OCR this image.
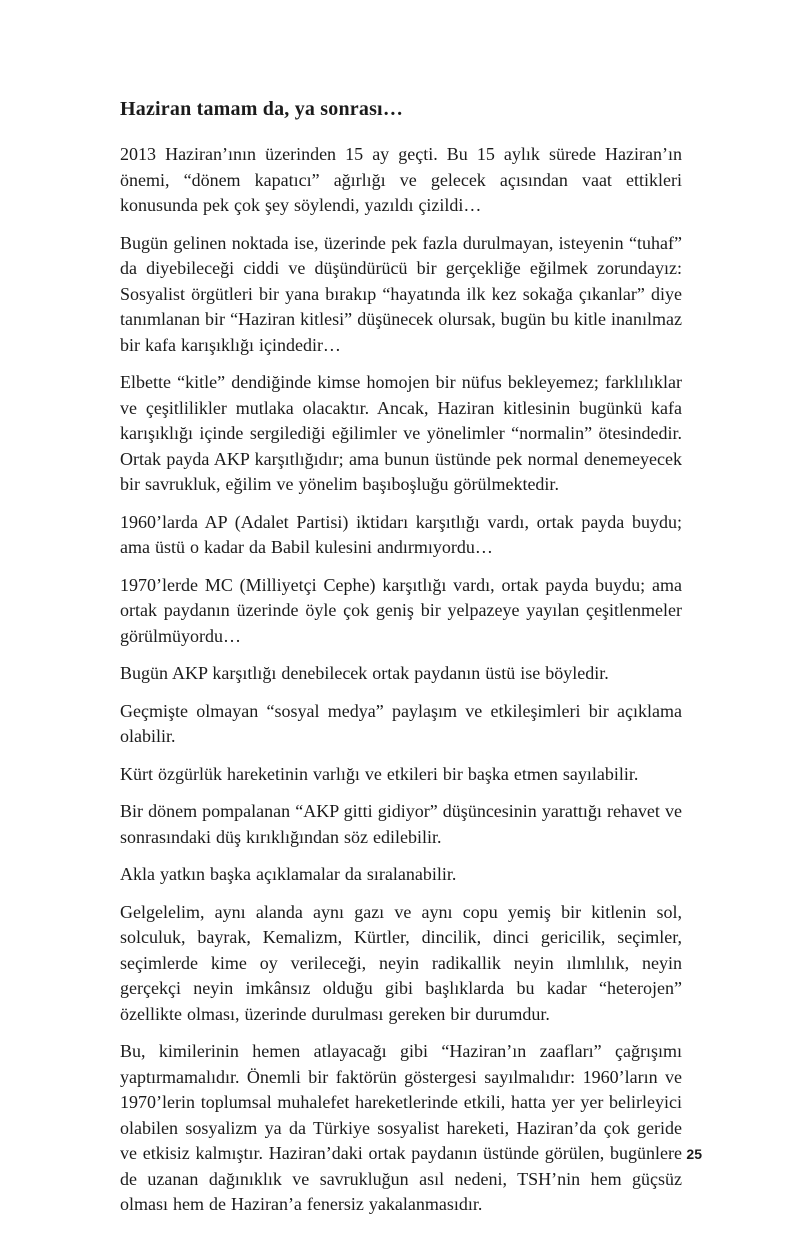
Haziran tamam da, ya sonrası…

2013 Haziran’ının üzerinden 15 ay geçti. Bu 15 aylık sürede Haziran’ın önemi, “dönem kapatıcı” ağırlığı ve gelecek açısından vaat ettikleri konusunda pek çok şey söylendi, yazıldı çizildi…

Bugün gelinen noktada ise, üzerinde pek fazla durulmayan, isteyenin “tuhaf” da diyebileceği ciddi ve düşündürücü bir gerçekliğe eğilmek zorundayız: Sosyalist örgütleri bir yana bırakıp “hayatında ilk kez sokağa çıkanlar” diye tanımlanan bir “Haziran kitlesi” düşünecek olursak, bugün bu kitle inanılmaz bir kafa karışıklığı içindedir…

Elbette “kitle” dendiğinde kimse homojen bir nüfus bekleyemez; farklılıklar ve çeşitlilikler mutlaka olacaktır. Ancak, Haziran kitlesinin bugünkü kafa karışıklığı içinde sergilediği eğilimler ve yönelimler “normalin” ötesindedir. Ortak payda AKP karşıtlığıdır; ama bunun üstünde pek normal denemeyecek bir savrukluk, eğilim ve yönelim başıboşluğu görülmektedir.

1960’larda AP (Adalet Partisi) iktidarı karşıtlığı vardı, ortak payda buydu; ama üstü o kadar da Babil kulesini andırmıyordu…

1970’lerde MC (Milliyetçi Cephe) karşıtlığı vardı, ortak payda buydu; ama ortak paydanın üzerinde öyle çok geniş bir yelpazeye yayılan çeşitlenmeler görülmüyordu…

Bugün AKP karşıtlığı denebilecek ortak paydanın üstü ise böyledir.

Geçmişte olmayan “sosyal medya” paylaşım ve etkileşimleri bir açıklama olabilir.

Kürt özgürlük hareketinin varlığı ve etkileri bir başka etmen sayılabilir.

Bir dönem pompalanan “AKP gitti gidiyor” düşüncesinin yarattığı rehavet ve sonrasındaki düş kırıklığından söz edilebilir.

Akla yatkın başka açıklamalar da sıralanabilir.

Gelgelelim, aynı alanda aynı gazı ve aynı copu yemiş bir kitlenin sol, solculuk, bayrak, Kemalizm, Kürtler, dincilik, dinci gericilik, seçimler, seçimlerde kime oy verileceği, neyin radikallik neyin ılımlılık, neyin gerçekçi neyin imkânsız olduğu gibi başlıklarda bu kadar “heterojen” özellikte olması, üzerinde durulması gereken bir durumdur.

Bu, kimilerinin hemen atlayacağı gibi “Haziran’ın zaafları” çağrışımı yaptırmamalıdır. Önemli bir faktörün göstergesi sayılmalıdır: 1960’ların ve 1970’lerin toplumsal muhalefet hareketlerinde etkili, hatta yer yer belirleyici olabilen sosyalizm ya da Türkiye sosyalist hareketi, Haziran’da çok geride ve etkisiz kalmıştır. Haziran’daki ortak paydanın üstünde görülen, bugünlere de uzanan dağınıklık ve savrukluğun asıl nedeni, TSH’nin hem güçsüz olması hem de Haziran’a fenersiz yakalanmasıdır.

25
